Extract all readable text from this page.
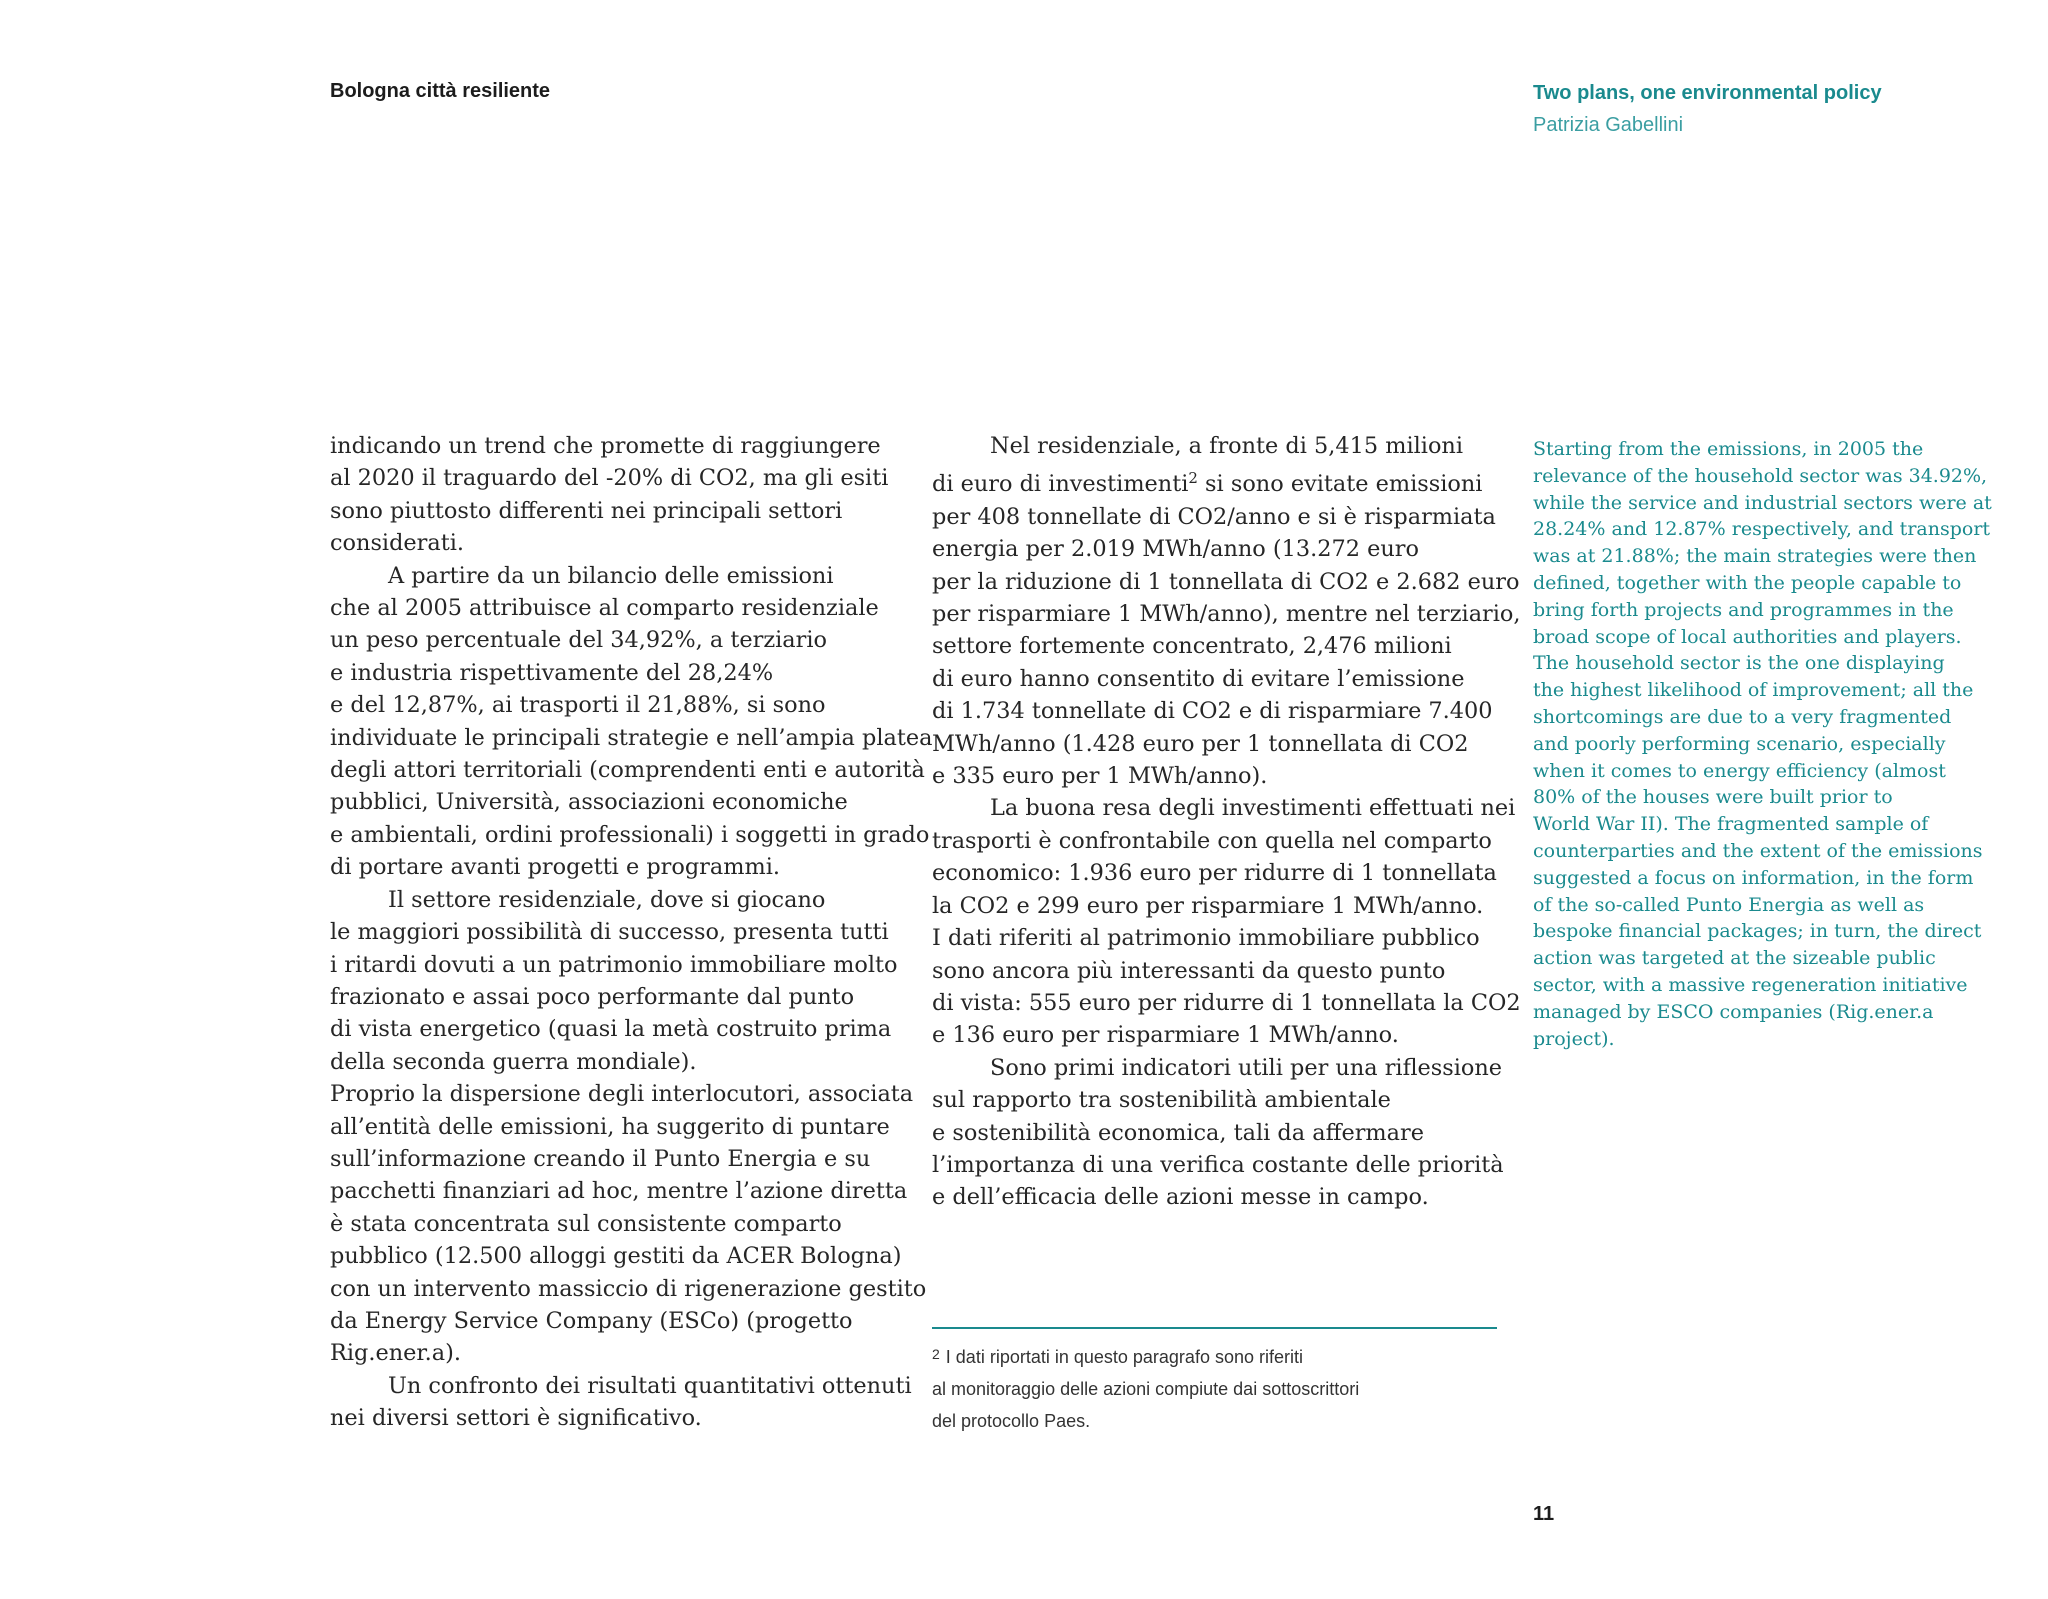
Bologna città resiliente	Two plans, one environmental policy
Patrizia Gabellini
indicando un trend che promette di raggiungere
al 2020 il traguardo del -20% di CO2, ma gli esiti
sono piuttosto differenti nei principali settori
considerati.
A partire da un bilancio delle emissioni
che al 2005 attribuisce al comparto residenziale
un peso percentuale del 34,92%, a terziario
e industria rispettivamente del 28,24%
e del 12,87%, ai trasporti il 21,88%, si sono
individuate le principali strategie e nell’ampia platea
degli attori territoriali (comprendenti enti e autorità
pubblici, Università, associazioni economiche
e ambientali, ordini professionali) i soggetti in grado
di portare avanti progetti e programmi.
Il settore residenziale, dove si giocano
le maggiori possibilità di successo, presenta tutti
i ritardi dovuti a un patrimonio immobiliare molto
frazionato e assai poco performante dal punto
di vista energetico (quasi la metà costruito prima
della seconda guerra mondiale).
Proprio la dispersione degli interlocutori, associata
all’entità delle emissioni, ha suggerito di puntare
sull’informazione creando il Punto Energia e su
pacchetti finanziari ad hoc, mentre l’azione diretta
è stata concentrata sul consistente comparto
pubblico (12.500 alloggi gestiti da ACER Bologna)
con un intervento massiccio di rigenerazione gestito
da Energy Service Company (ESCo) (progetto
Rig.ener.a).
Un confronto dei risultati quantitativi ottenuti
nei diversi settori è significativo.
Nel residenziale, a fronte di 5,415 milioni
di euro di investimenti$^2$ si sono evitate emissioni
per 408 tonnellate di CO2/anno e si è risparmiata
energia per 2.019 MWh/anno (13.272 euro
per la riduzione di 1 tonnellata di CO2 e 2.682 euro
per risparmiare 1 MWh/anno), mentre nel terziario,
settore fortemente concentrato, 2,476 milioni
di euro hanno consentito di evitare l’emissione
di 1.734 tonnellate di CO2 e di risparmiare 7.400
MWh/anno (1.428 euro per 1 tonnellata di CO2
e 335 euro per 1 MWh/anno).
La buona resa degli investimenti effettuati nei
trasporti è confrontabile con quella nel comparto
economico: 1.936 euro per ridurre di 1 tonnellata
la CO2 e 299 euro per risparmiare 1 MWh/anno.
I dati riferiti al patrimonio immobiliare pubblico
sono ancora più interessanti da questo punto
di vista: 555 euro per ridurre di 1 tonnellata la CO2
e 136 euro per risparmiare 1 MWh/anno.
Sono primi indicatori utili per una riflessione
sul rapporto tra sostenibilità ambientale
e sostenibilità economica, tali da affermare
l’importanza di una verifica costante delle priorità
e dell’efficacia delle azioni messe in campo.
Starting from the emissions, in 2005 the
relevance of the household sector was 34.92%,
while the service and industrial sectors were at
28.24% and 12.87% respectively, and transport
was at 21.88%; the main strategies were then
defined, together with the people capable to
bring forth projects and programmes in the
broad scope of local authorities and players.
The household sector is the one displaying
the highest likelihood of improvement; all the
shortcomings are due to a very fragmented
and poorly performing scenario, especially
when it comes to energy efficiency (almost
80% of the houses were built prior to
World War II). The fragmented sample of
counterparties and the extent of the emissions
suggested a focus on information, in the form
of the so-called Punto Energia as well as
bespoke financial packages; in turn, the direct
action was targeted at the sizeable public
sector, with a massive regeneration initiative
managed by ESCO companies (Rig.ener.a
project).
$^2$ I dati riportati in questo paragrafo sono riferiti
al monitoraggio delle azioni compiute dai sottoscrittori
del protocollo Paes.
11
